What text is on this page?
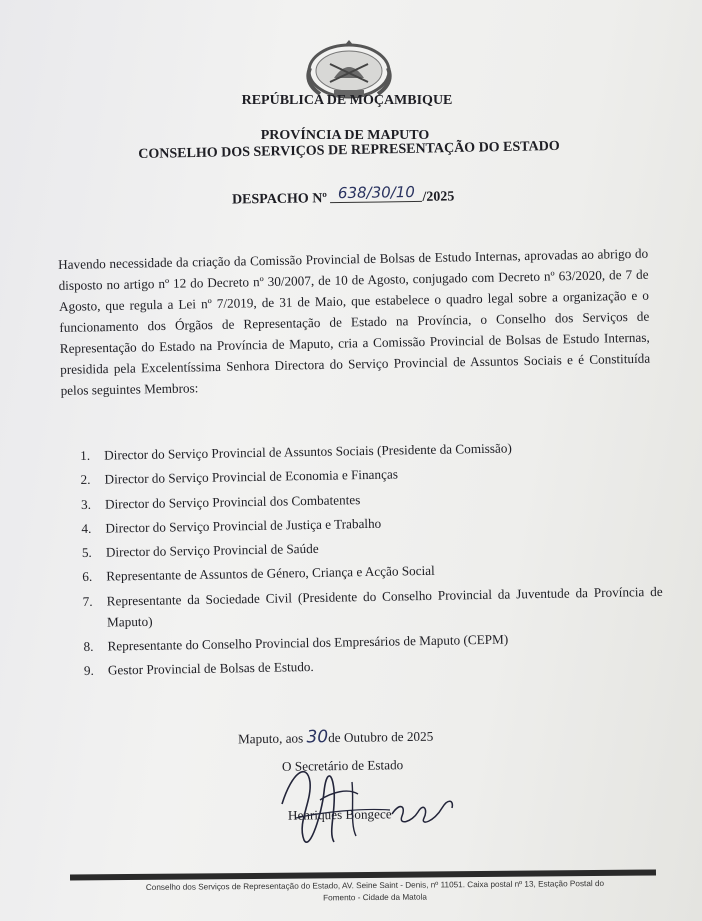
REPÚBLICA DE MOÇAMBIQUE
PROVÍNCIA DE MAPUTO
CONSELHO DOS SERVIÇOS DE REPRESENTAÇÃO DO ESTADO
DESPACHO Nº 638/30/10 /2025
Havendo necessidade da criação da Comissão Provincial de Bolsas de Estudo Internas, aprovadas ao abrigo do disposto no artigo nº 12 do Decreto nº 30/2007, de 10 de Agosto, conjugado com Decreto nº 63/2020, de 7 de Agosto, que regula a Lei nº 7/2019, de 31 de Maio, que estabelece o quadro legal sobre a organização e o funcionamento dos Órgãos de Representação de Estado na Província, o Conselho dos Serviços de Representação do Estado na Província de Maputo, cria a Comissão Provincial de Bolsas de Estudo Internas, presidida pela Excelentíssima Senhora Directora do Serviço Provincial de Assuntos Sociais e é Constituída pelos seguintes Membros:
1. Director do Serviço Provincial de Assuntos Sociais (Presidente da Comissão)
2. Director do Serviço Provincial de Economia e Finanças
3. Director do Serviço Provincial dos Combatentes
4. Director do Serviço Provincial de Justiça e Trabalho
5. Director do Serviço Provincial de Saúde
6. Representante de Assuntos de Género, Criança e Acção Social
7. Representante da Sociedade Civil (Presidente do Conselho Provincial da Juventude da Província de Maputo)
8. Representante do Conselho Provincial dos Empresários de Maputo (CEPM)
9. Gestor Provincial de Bolsas de Estudo.
Maputo, aos 30de Outubro de 2025
O Secretário de Estado
Henriques Bongece
Conselho dos Serviços de Representação do Estado, AV. Seine Saint - Denis, nº 11051. Caixa postal nº 13, Estação Postal do
Fomento - Cidade da Matola
